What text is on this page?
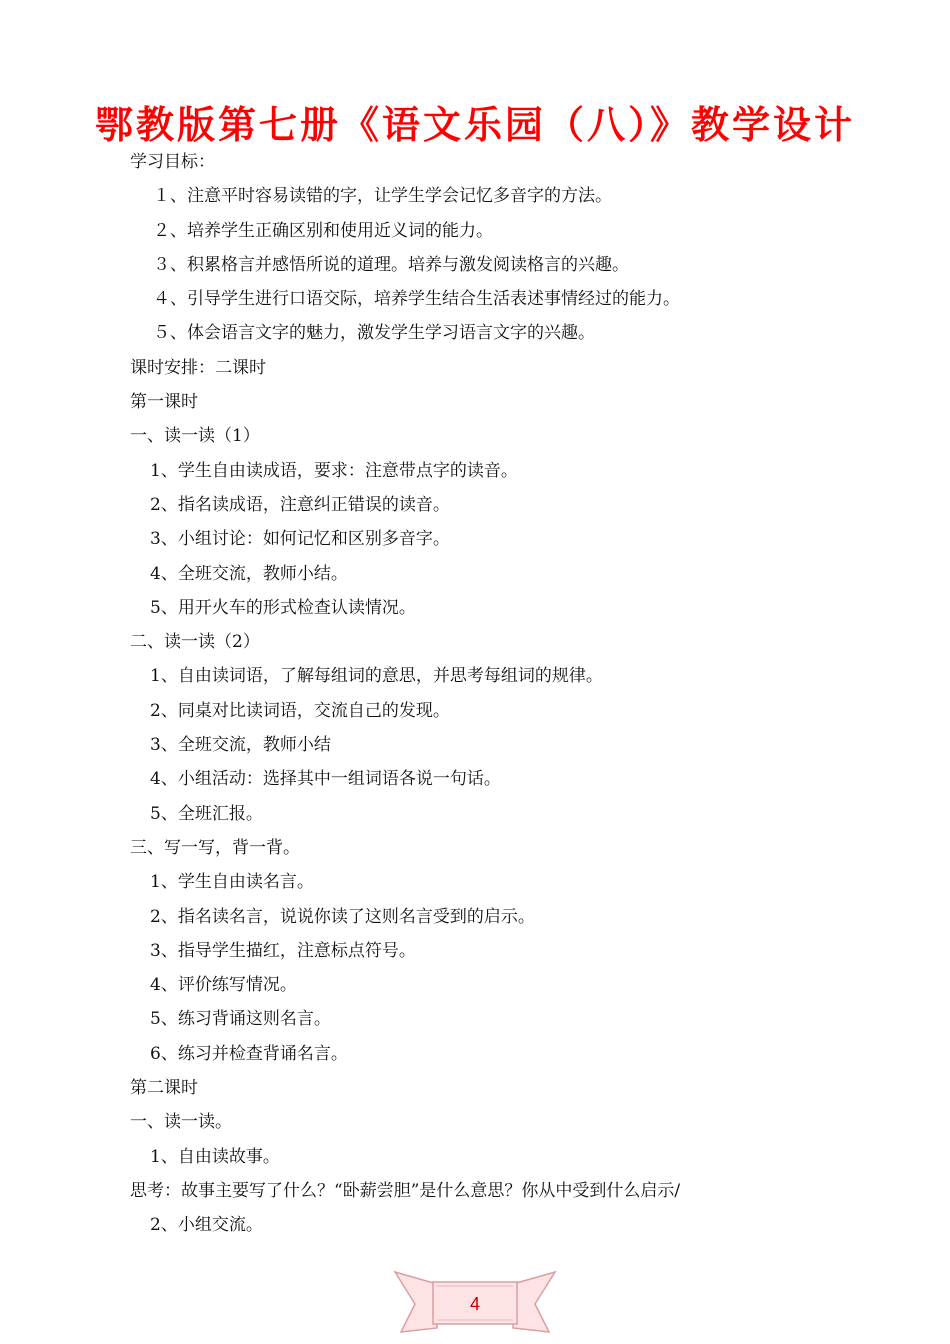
鄂教版第七册《语文乐园（八）》教学设计
学习目标：
１、注意平时容易读错的字，让学生学会记忆多音字的方法。
２、培养学生正确区别和使用近义词的能力。
３、积累格言并感悟所说的道理。培养与激发阅读格言的兴趣。
４、引导学生进行口语交际，培养学生结合生活表述事情经过的能力。
５、体会语言文字的魅力，激发学生学习语言文字的兴趣。
课时安排：二课时
第一课时
一、读一读（1）
1、学生自由读成语，要求：注意带点字的读音。
2、指名读成语，注意纠正错误的读音。
3、小组讨论：如何记忆和区别多音字。
4、全班交流，教师小结。
5、用开火车的形式检查认读情况。
二、读一读（2）
1、自由读词语，了解每组词的意思，并思考每组词的规律。
2、同桌对比读词语，交流自己的发现。
3、全班交流，教师小结
4、小组活动：选择其中一组词语各说一句话。
5、全班汇报。
三、写一写，背一背。
1、学生自由读名言。
2、指名读名言，说说你读了这则名言受到的启示。
3、指导学生描红，注意标点符号。
4、评价练写情况。
5、练习背诵这则名言。
6、练习并检查背诵名言。
第二课时
一、读一读。
1、自由读故事。
思考：故事主要写了什么？“卧薪尝胆”是什么意思？你从中受到什么启示/
2、小组交流。
4
